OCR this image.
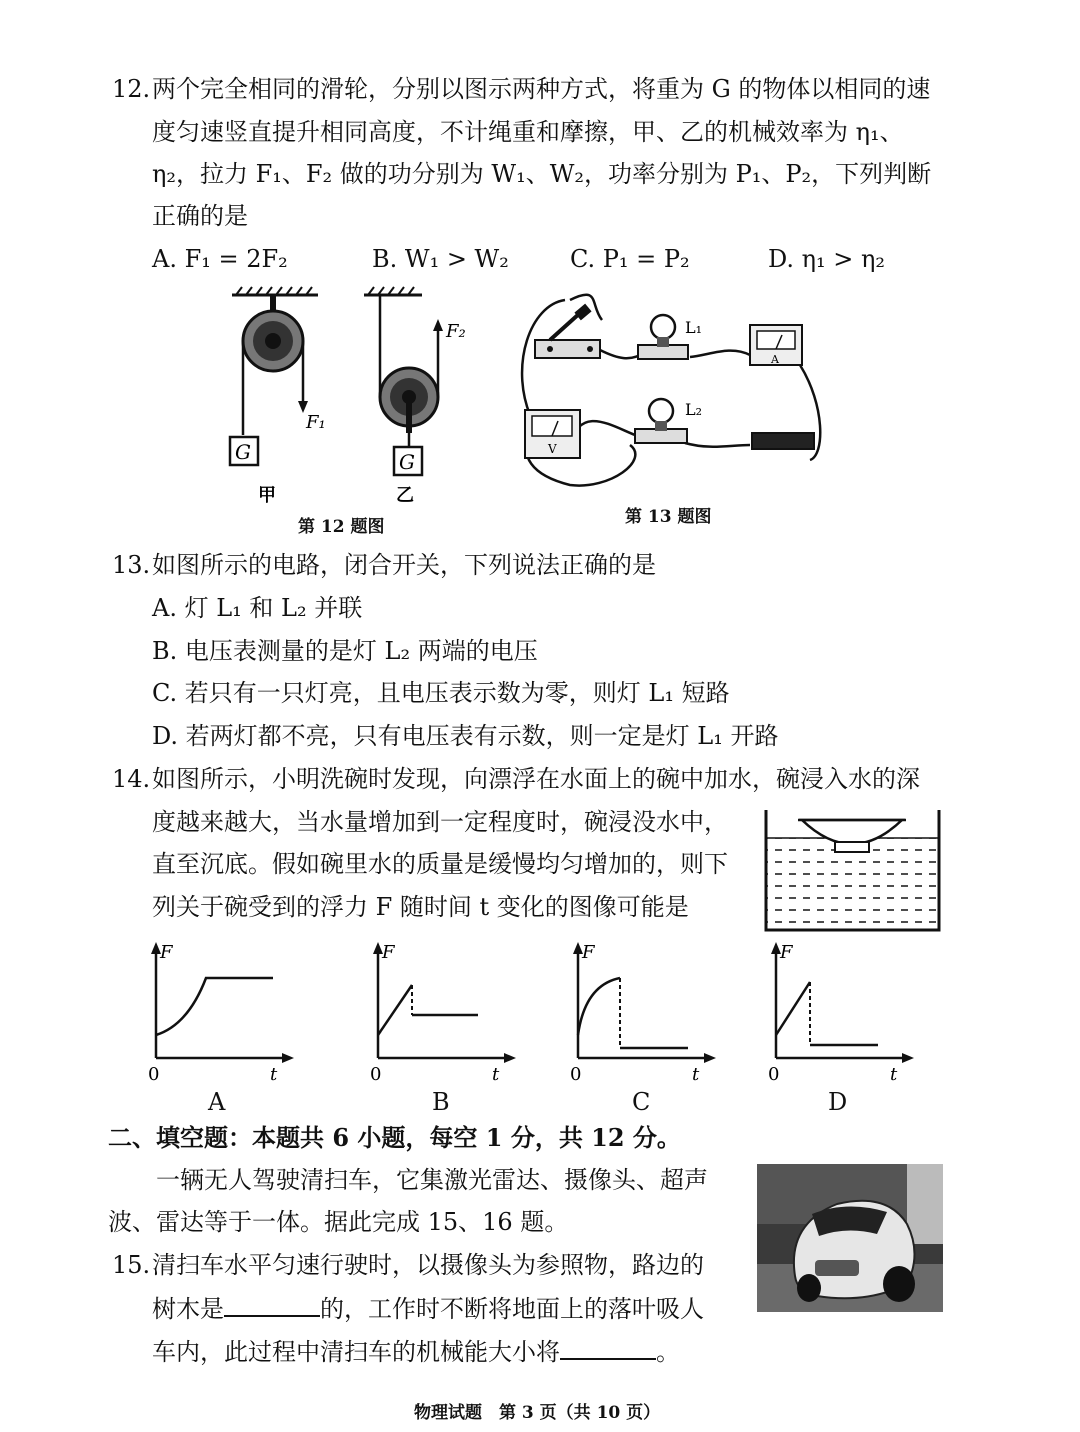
12. 两个完全相同的滑轮，分别以图示两种方式，将重为 G 的物体以相同的速
度匀速竖直提升相同高度，不计绳重和摩擦，甲、乙的机械效率为 η₁、
η₂，拉力 F₁、F₂ 做的功分别为 W₁、W₂，功率分别为 P₁、P₂，下列判断
正确的是
A. F₁ = 2F₂	B. W₁ > W₂	C. P₁ = P₂	D. η₁ > η₂
F₁
G
甲
F₂
G
乙
第 12 题图
L₁
A
V
L₂
第 13 题图
13. 如图所示的电路，闭合开关，下列说法正确的是
A. 灯 L₁ 和 L₂ 并联
B. 电压表测量的是灯 L₂ 两端的电压
C. 若只有一只灯亮，且电压表示数为零，则灯 L₁ 短路
D. 若两灯都不亮，只有电压表有示数，则一定是灯 L₁ 开路
14. 如图所示，小明洗碗时发现，向漂浮在水面上的碗中加水，碗浸入水的深
度越来越大，当水量增加到一定程度时，碗浸没水中，
直至沉底。假如碗里水的质量是缓慢均匀增加的，则下
列关于碗受到的浮力 F 随时间 t 变化的图像可能是
F
0	t
A
F
0	t
B
F
0	t
C
F
0	t
D
二、填空题：本题共 6 小题，每空 1 分，共 12 分。
一辆无人驾驶清扫车，它集激光雷达、摄像头、超声
波、雷达等于一体。据此完成 15、16 题。
15. 清扫车水平匀速行驶时，以摄像头为参照物，路边的
树木是	的，工作时不断将地面上的落叶吸人
车内，此过程中清扫车的机械能大小将	。
物理试题　第 3 页（共 10 页）
